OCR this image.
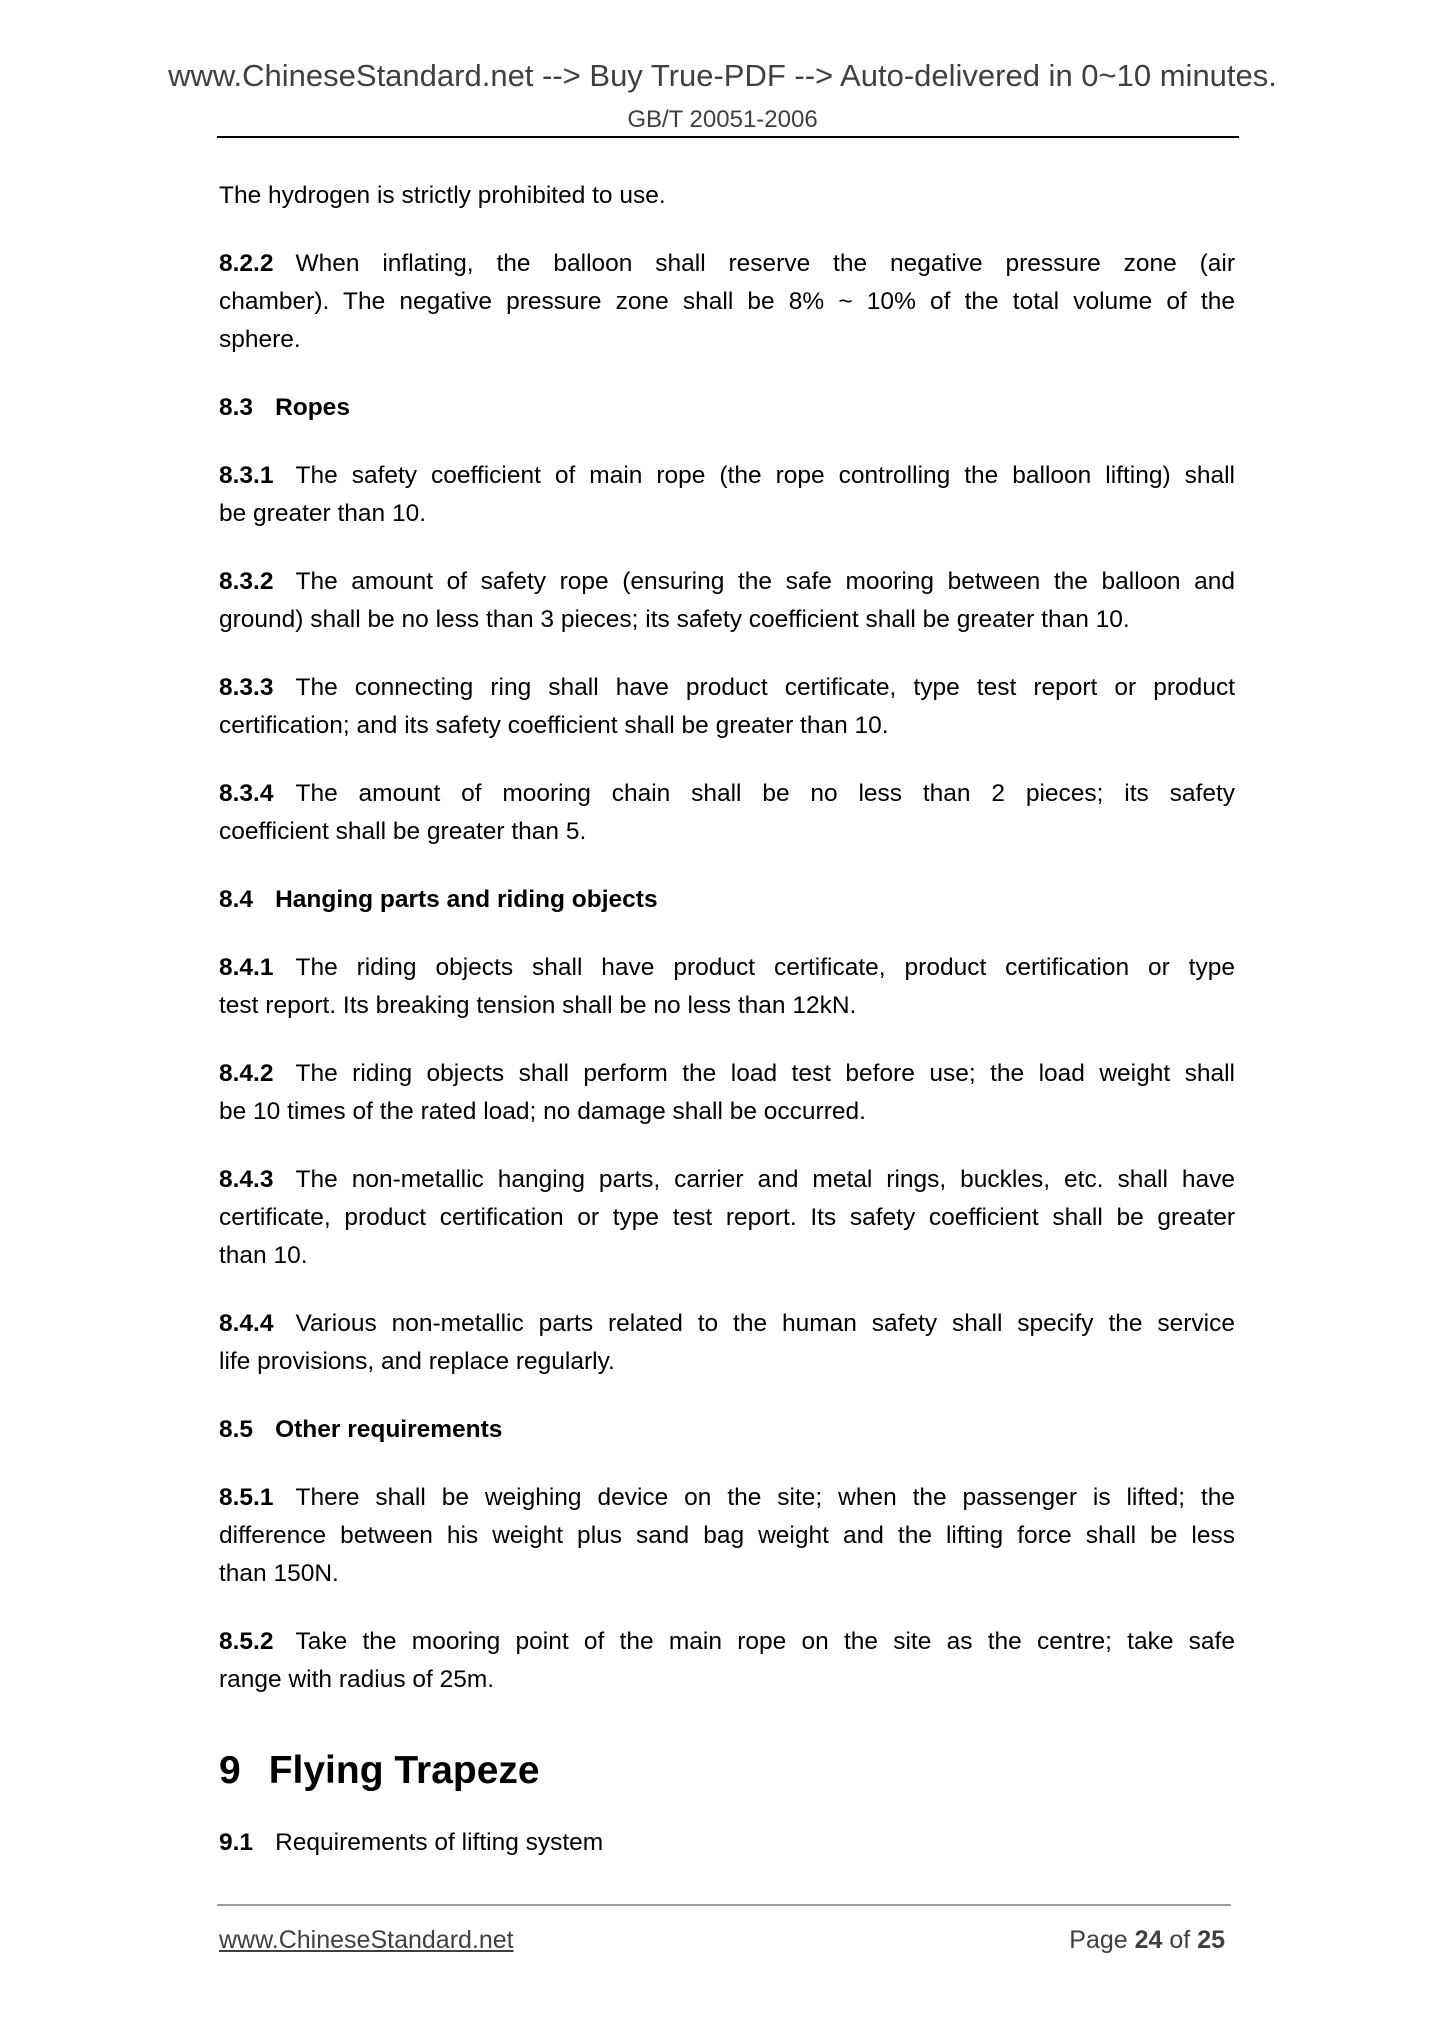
www.ChineseStandard.net --> Buy True-PDF --> Auto-delivered in 0~10 minutes.
GB/T 20051-2006
The hydrogen is strictly prohibited to use.
8.2.2 When inflating, the balloon shall reserve the negative pressure zone (air
chamber). The negative pressure zone shall be 8% ~ 10% of the total volume of the
sphere.
8.3 Ropes
8.3.1 The safety coefficient of main rope (the rope controlling the balloon lifting) shall
be greater than 10.
8.3.2 The amount of safety rope (ensuring the safe mooring between the balloon and
ground) shall be no less than 3 pieces; its safety coefficient shall be greater than 10.
8.3.3 The connecting ring shall have product certificate, type test report or product
certification; and its safety coefficient shall be greater than 10.
8.3.4 The amount of mooring chain shall be no less than 2 pieces; its safety
coefficient shall be greater than 5.
8.4 Hanging parts and riding objects
8.4.1 The riding objects shall have product certificate, product certification or type
test report. Its breaking tension shall be no less than 12kN.
8.4.2 The riding objects shall perform the load test before use; the load weight shall
be 10 times of the rated load; no damage shall be occurred.
8.4.3 The non-metallic hanging parts, carrier and metal rings, buckles, etc. shall have
certificate, product certification or type test report. Its safety coefficient shall be greater
than 10.
8.4.4 Various non-metallic parts related to the human safety shall specify the service
life provisions, and replace regularly.
8.5 Other requirements
8.5.1 There shall be weighing device on the site; when the passenger is lifted; the
difference between his weight plus sand bag weight and the lifting force shall be less
than 150N.
8.5.2 Take the mooring point of the main rope on the site as the centre; take safe
range with radius of 25m.
9 Flying Trapeze
9.1 Requirements of lifting system
www.ChineseStandard.net	Page 24 of 25
